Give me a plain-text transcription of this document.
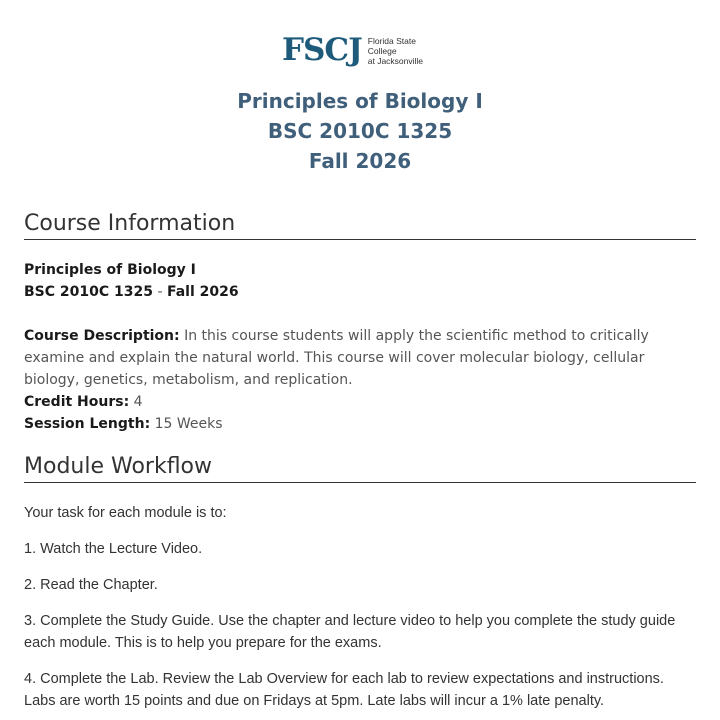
FSCJ Florida State College
at Jacksonville
Principles of Biology I
BSC 2010C 1325
Fall 2026
Course Information
Principles of Biology I
BSC 2010C 1325 - Fall 2026
Course Description: In this course students will apply the scientific method to critically examine and explain the natural world. This course will cover molecular biology, cellular biology, genetics, metabolism, and replication.
Credit Hours: 4
Session Length: 15 Weeks
Module Workflow

Your task for each module is to:

1. Watch the Lecture Video.

2. Read the Chapter.

3. Complete the Study Guide. Use the chapter and lecture video to help you complete the study guide each module. This is to help you prepare for the exams.

4. Complete the Lab. Review the Lab Overview for each lab to review expectations and instructions. Labs are worth 15 points and due on Fridays at 5pm. Late labs will incur a 1% late penalty.
